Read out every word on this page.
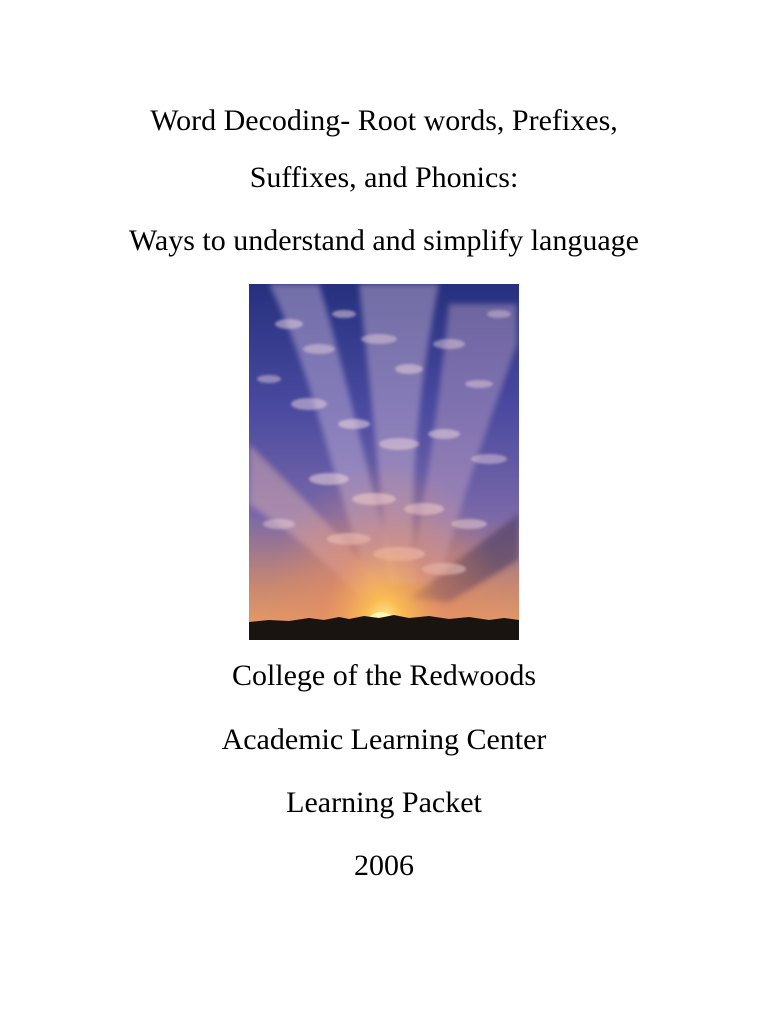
Word Decoding- Root words, Prefixes,
Suffixes, and Phonics:
Ways to understand and simplify language
College of the Redwoods
Academic Learning Center
Learning Packet
2006
